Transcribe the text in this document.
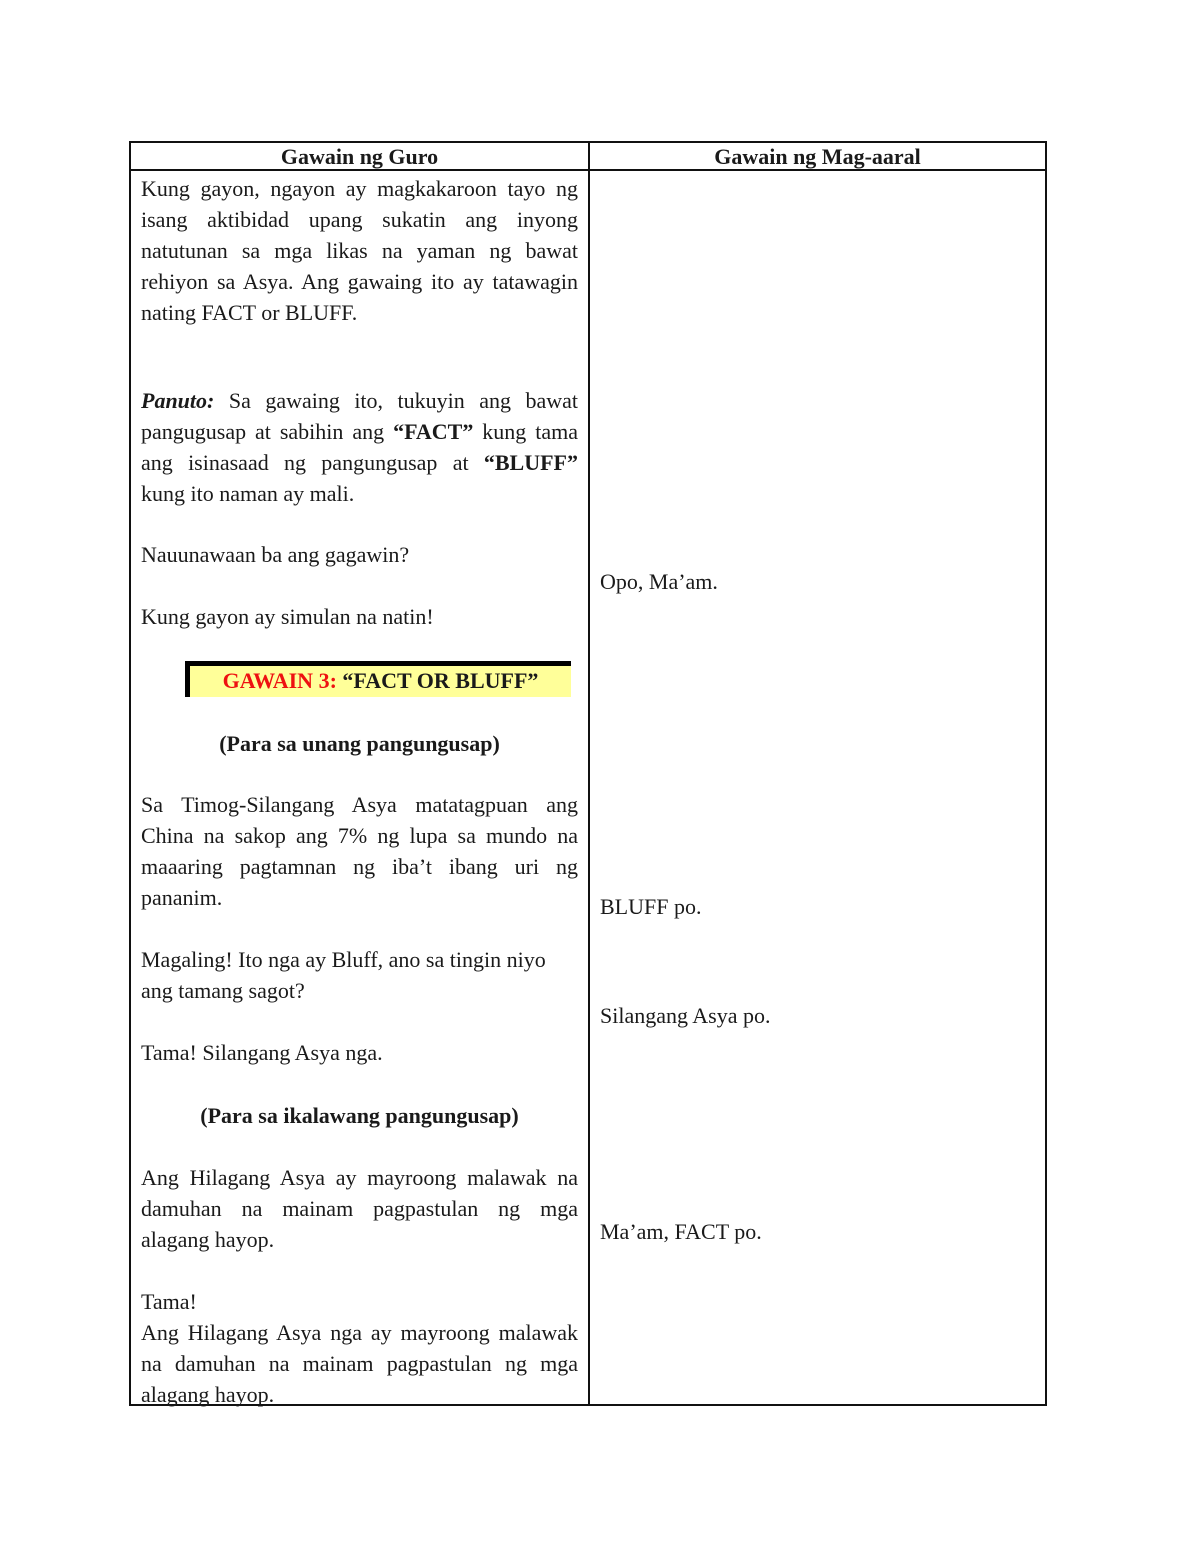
Gawain ng Guro	Gawain ng Mag-aaral

Kung gayon, ngayon ay magkakaroon tayo ng isang aktibidad upang sukatin ang inyong natutunan sa mga likas na yaman ng bawat rehiyon sa Asya. Ang gawaing ito ay tatawagin nating FACT or BLUFF.

Panuto: Sa gawaing ito, tukuyin ang bawat pangugusap at sabihin ang “FACT” kung tama ang isinasaad ng pangungusap at “BLUFF” kung ito naman ay mali.

Nauunawaan ba ang gagawin?

Kung gayon ay simulan na natin!

GAWAIN 3: “FACT OR BLUFF”

(Para sa unang pangungusap)

Sa Timog-Silangang Asya matatagpuan ang China na sakop ang 7% ng lupa sa mundo na maaaring pagtamnan ng iba’t ibang uri ng pananim.

Magaling! Ito nga ay Bluff, ano sa tingin niyo ang tamang sagot?

Tama! Silangang Asya nga.

(Para sa ikalawang pangungusap)

Ang Hilagang Asya ay mayroong malawak na damuhan na mainam pagpastulan ng mga alagang hayop.

Tama!

Ang Hilagang Asya nga ay mayroong malawak na damuhan na mainam pagpastulan ng mga alagang hayop.

Opo, Ma’am.

BLUFF po.

Silangang Asya po.

Ma’am, FACT po.
